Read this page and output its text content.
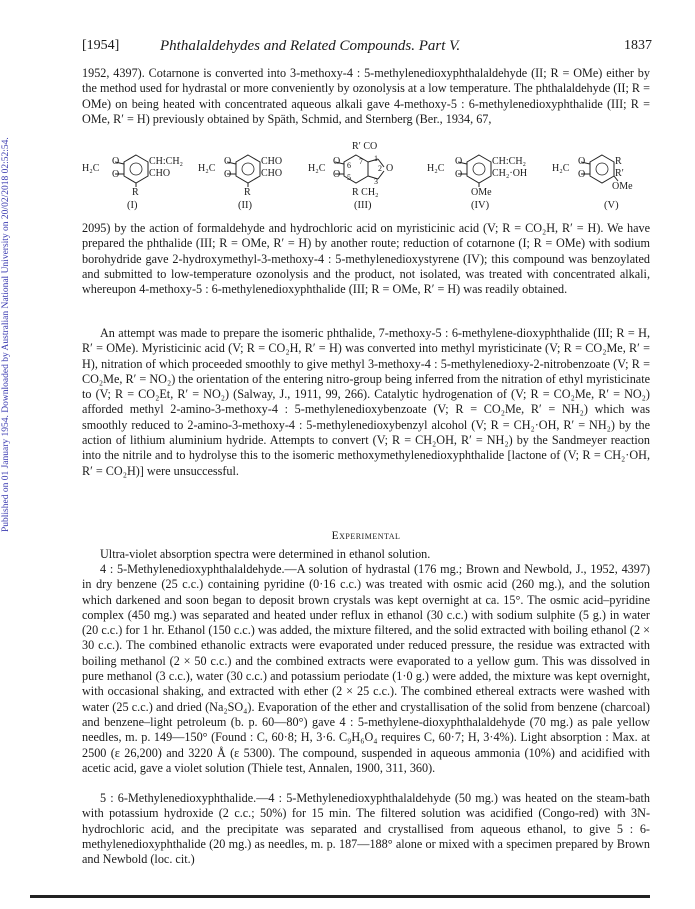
Published on 01 January 1954. Downloaded by Australian National University on 20/02/2018 02:52:54.
[1954]	Phthalaldehydes and Related Compounds. Part V.	1837

1952, 4397). Cotarnone is converted into 3-methoxy-4 : 5-methylenedioxyphthalaldehyde (II; R = OMe) either by the method used for hydrastal or more conveniently by ozonolysis at a low temperature. The phthalaldehyde (II; R = OMe) on being heated with concentrated aqueous alkali gave 4-methoxy-5 : 6-methylenedioxyphthalide (III; R = OMe, R′ = H) previously obtained by Späth, Schmid, and Sternberg (Ber., 1934, 67,

H₂C
O
O
CH:CH₂
CHO
R
(I)
H₂C
O
O
CHO
CHO
R
(II)
H₂C
O
O
R′ CO
1
2
3
5
6 7
O
R CH₂
(III)
H₂C
O
O
CH:CH₂
CH₂·OH
OMe
(IV)
H₂C
O
O
R
R′
OMe
(V)

2095) by the action of formaldehyde and hydrochloric acid on myristicinic acid (V; R = CO₂H, R′ = H). We have prepared the phthalide (III; R = OMe, R′ = H) by another route; reduction of cotarnone (I; R = OMe) with sodium borohydride gave 2-hydroxymethyl-3-methoxy-4 : 5-methylenedioxystyrene (IV); this compound was benzoylated and submitted to low-temperature ozonolysis and the product, not isolated, was treated with concentrated alkali, whereupon 4-methoxy-5 : 6-methylenedioxyphthalide (III; R = OMe, R′ = H) was readily obtained.

An attempt was made to prepare the isomeric phthalide, 7-methoxy-5 : 6-methylene-dioxyphthalide (III; R = H, R′ = OMe). Myristicinic acid (V; R = CO₂H, R′ = H) was converted into methyl myristicinate (V; R = CO₂Me, R′ = H), nitration of which proceeded smoothly to give methyl 3-methoxy-4 : 5-methylenedioxy-2-nitrobenzoate (V; R = CO₂Me, R′ = NO₂) the orientation of the entering nitro-group being inferred from the nitration of ethyl myristicinate to (V; R = CO₂Et, R′ = NO₂) (Salway, J., 1911, 99, 266). Catalytic hydrogenation of (V; R = CO₂Me, R′ = NO₂) afforded methyl 2-amino-3-methoxy-4 : 5-methylenedioxybenzoate (V; R = CO₂Me, R′ = NH₂) which was smoothly reduced to 2-amino-3-methoxy-4 : 5-methylenedioxybenzyl alcohol (V; R = CH₂·OH, R′ = NH₂) by the action of lithium aluminium hydride. Attempts to convert (V; R = CH₂OH, R′ = NH₂) by the Sandmeyer reaction into the nitrile and to hydrolyse this to the isomeric methoxymethylenedioxyphthalide [lactone of (V; R = CH₂·OH, R′ = CO₂H)] were unsuccessful.

Experimental

Ultra-violet absorption spectra were determined in ethanol solution.

4 : 5-Methylenedioxyphthalaldehyde.—A solution of hydrastal (176 mg.; Brown and Newbold, J., 1952, 4397) in dry benzene (25 c.c.) containing pyridine (0·16 c.c.) was treated with osmic acid (260 mg.), and the solution which darkened and soon began to deposit brown crystals was kept overnight at ca. 15°. The osmic acid–pyridine complex (450 mg.) was separated and heated under reflux in ethanol (30 c.c.) with sodium sulphite (5 g.) in water (20 c.c.) for 1 hr. Ethanol (150 c.c.) was added, the mixture filtered, and the solid extracted with boiling ethanol (2 × 30 c.c.). The combined ethanolic extracts were evaporated under reduced pressure, the residue was extracted with boiling methanol (2 × 50 c.c.) and the combined extracts were evaporated to a yellow gum. This was dissolved in pure methanol (3 c.c.), water (30 c.c.) and potassium periodate (1·0 g.) were added, the mixture was kept overnight, with occasional shaking, and extracted with ether (2 × 25 c.c.). The combined ethereal extracts were washed with water (25 c.c.) and dried (Na₂SO₄). Evaporation of the ether and crystallisation of the solid from benzene (charcoal) and benzene–light petroleum (b. p. 60—80°) gave 4 : 5-methylene-dioxyphthalaldehyde (70 mg.) as pale yellow needles, m. p. 149—150° (Found : C, 60·8; H, 3·6. C₉H₆O₄ requires C, 60·7; H, 3·4%). Light absorption : Max. at 2500 (ε 26,200) and 3220 Å (ε 5300). The compound, suspended in aqueous ammonia (10%) and acidified with acetic acid, gave a violet solution (Thiele test, Annalen, 1900, 311, 360).

5 : 6-Methylenedioxyphthalide.—4 : 5-Methylenedioxyphthalaldehyde (50 mg.) was heated on the steam-bath with potassium hydroxide (2 c.c.; 50%) for 15 min. The filtered solution was acidified (Congo-red) with 3N-hydrochloric acid, and the precipitate was separated and crystallised from aqueous ethanol, to give 5 : 6-methylenedioxyphthalide (20 mg.) as needles, m. p. 187—188° alone or mixed with a specimen prepared by Brown and Newbold (loc. cit.)
